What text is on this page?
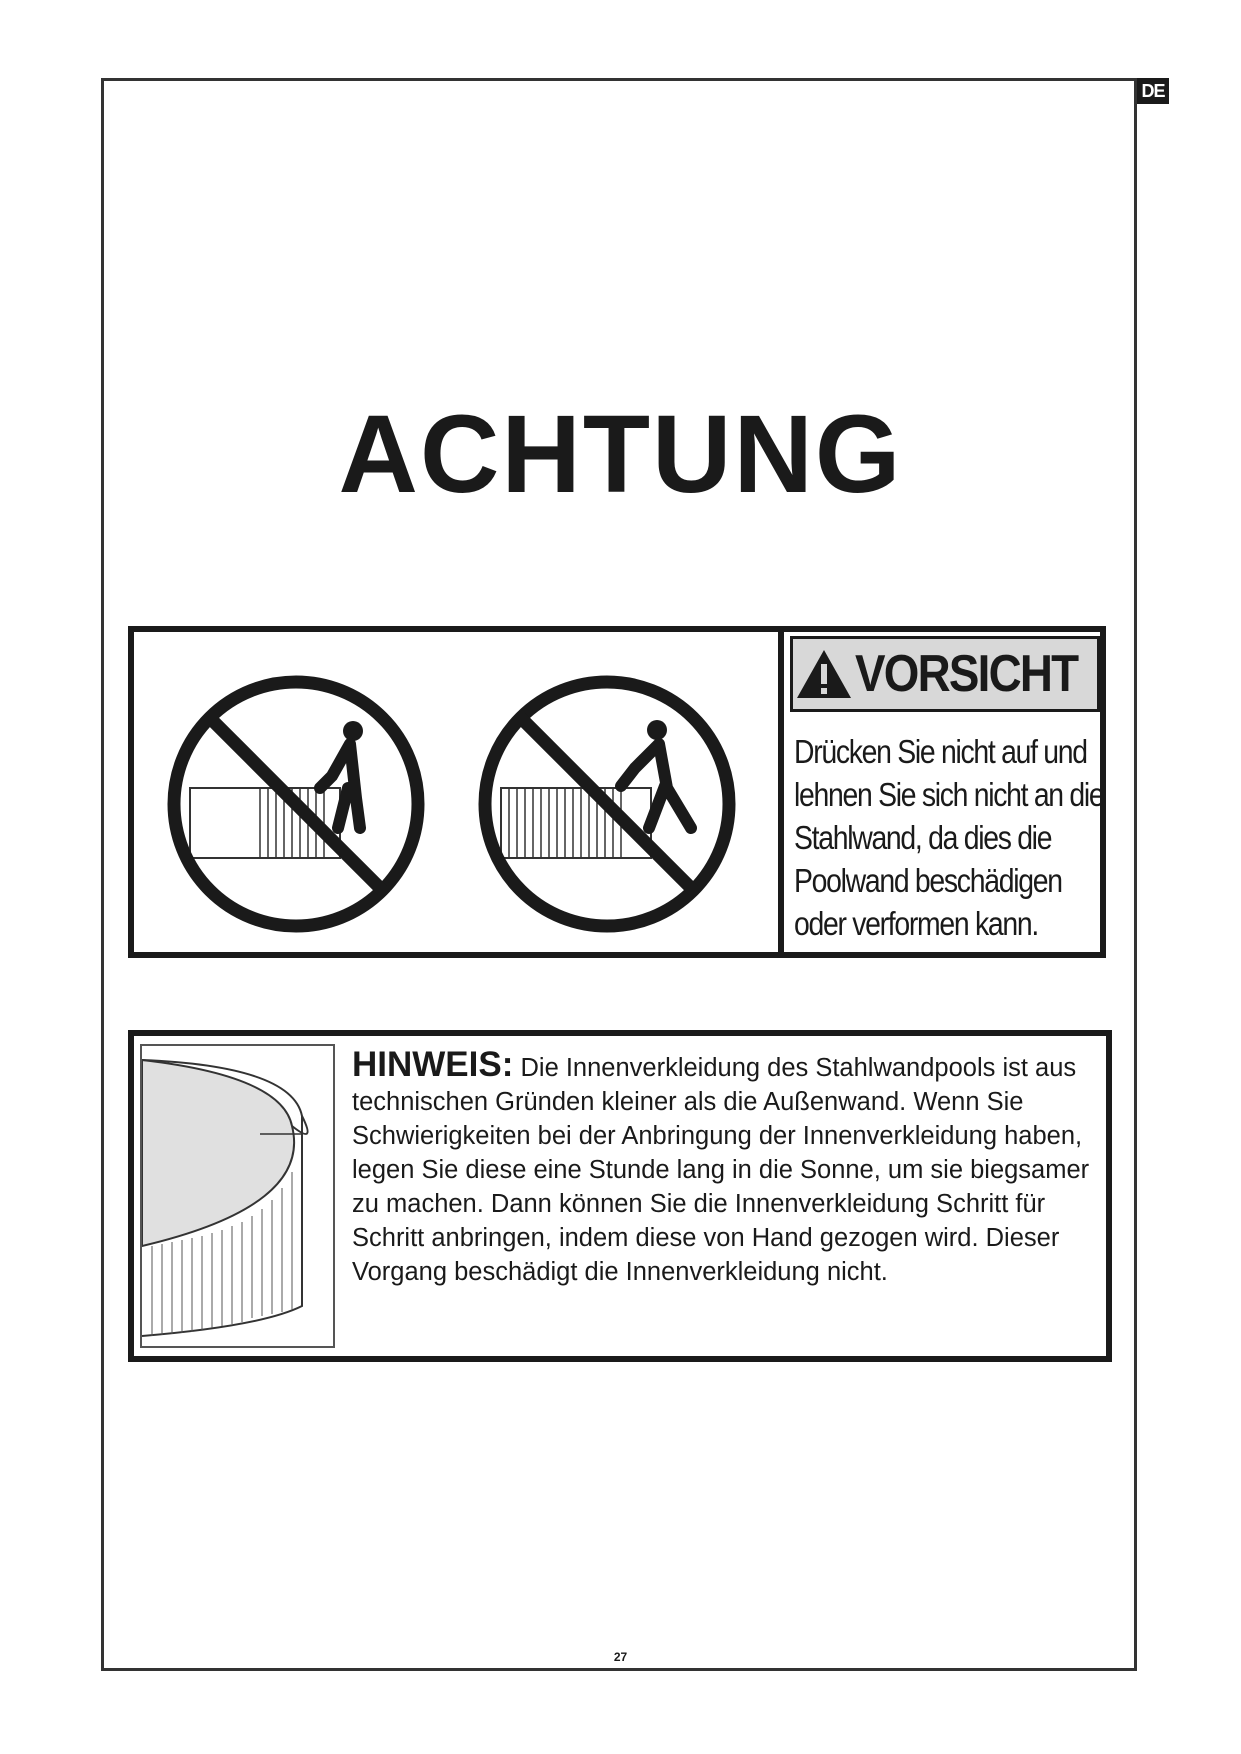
DE
ACHTUNG
VORSICHT
Drücken Sie nicht auf und lehnen Sie sich nicht an die Stahlwand, da dies die Poolwand beschädigen oder verformen kann.
HINWEIS: Die Innenverkleidung des Stahlwandpools ist aus technischen Gründen kleiner als die Außenwand. Wenn Sie Schwierigkeiten bei der Anbringung der Innenverkleidung haben, legen Sie diese eine Stunde lang in die Sonne, um sie biegsamer zu machen. Dann können Sie die Innenverkleidung Schritt für Schritt anbringen, indem diese von Hand gezogen wird. Dieser Vorgang beschädigt die Innenverkleidung nicht.
27
